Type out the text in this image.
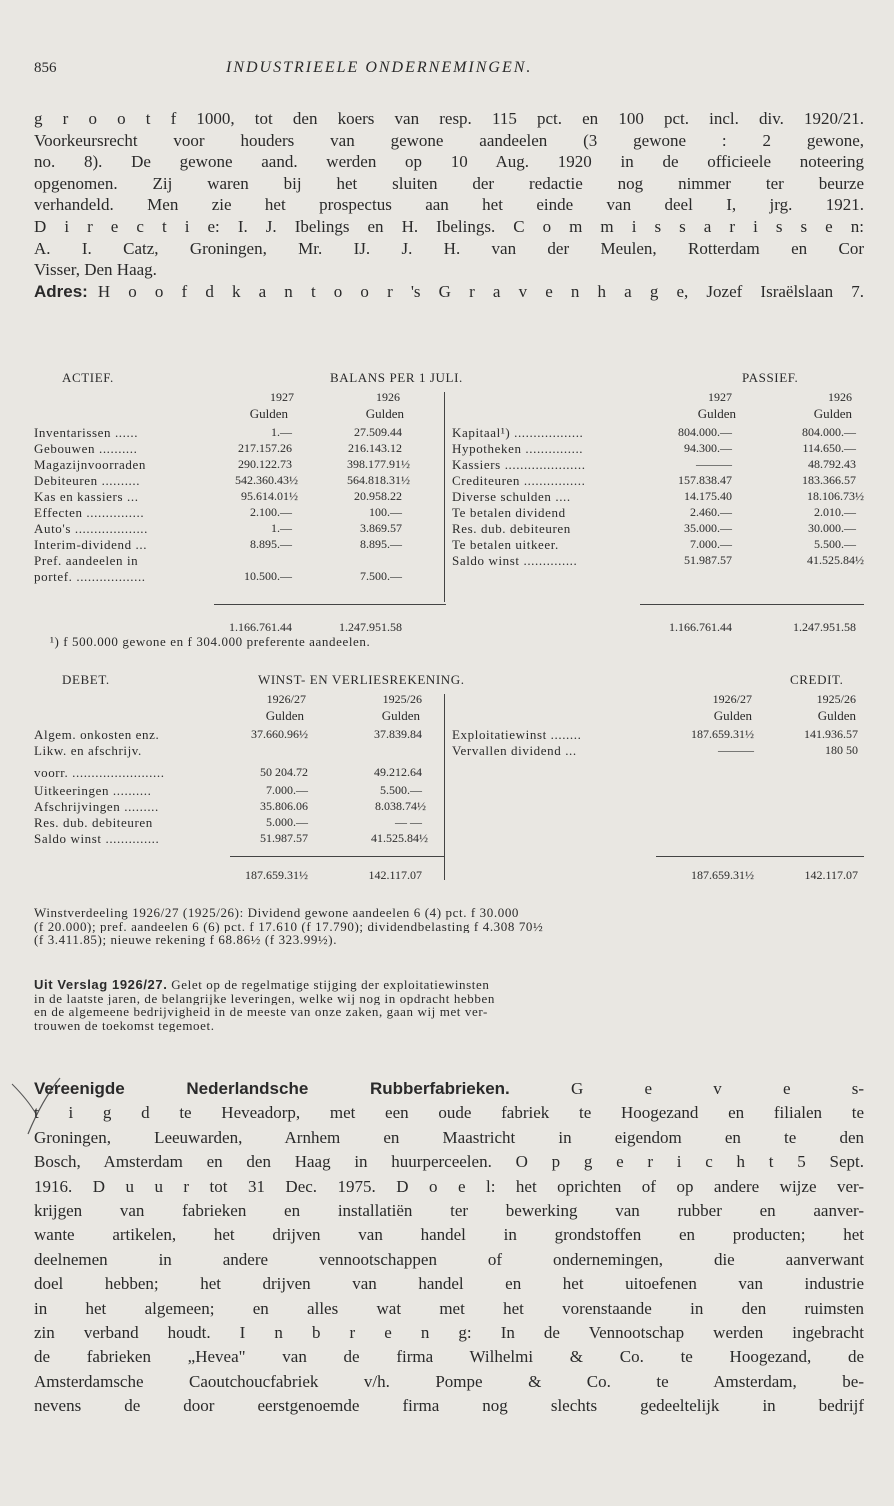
856	INDUSTRIEELE ONDERNEMINGEN.
g r o o t f 1000, tot den koers van resp. 115 pct. en 100 pct. incl. div. 1920/21.
Voorkeursrecht voor houders van gewone aandeelen (3 gewone : 2 gewone,
no. 8). De gewone aand. werden op 10 Aug. 1920 in de officieele noteering
opgenomen. Zij waren bij het sluiten der redactie nog nimmer ter beurze
verhandeld. Men zie het prospectus aan het einde van deel I, jrg. 1921.
D i r e c t i e: I. J. Ibelings en H. Ibelings. C o m m i s s a r i s s e n:
A. I. Catz, Groningen, Mr. IJ. J. H. van der Meulen, Rotterdam en Cor
Visser, Den Haag.
Adres: H o o f d k a n t o o r 's G r a v e n h a g e, Jozef Israëlslaan 7.
ACTIEF.	BALANS PER 1 JULI.	PASSIEF.
1927	1926
Gulden	Gulden
1927	1926
Gulden	Gulden
Inventarissen ......	1.—	27.509.44
Gebouwen ..........	217.157.26	216.143.12
Magazijnvoorraden	290.122.73	398.177.91½
Debiteuren ..........	542.360.43½	564.818.31½
Kas en kassiers ...	95.614.01½	20.958.22
Effecten ...............	2.100.—	100.—
Auto's ...................	1.—	3.869.57
Interim-dividend ...	8.895.—	8.895.—
Pref. aandeelen in
portef. ..................	10.500.—	7.500.—
Kapitaal¹) ..................	804.000.—	804.000.—
Hypotheken ...............	94.300.—	114.650.—
Kassiers .....................	———	48.792.43
Crediteuren ................	157.838.47	183.366.57
Diverse schulden ....	14.175.40	18.106.73½
Te betalen dividend	2.460.—	2.010.—
Res. dub. debiteuren	35.000.—	30.000.—
Te betalen uitkeer.	7.000.—	5.500.—
Saldo winst ..............	51.987.57	41.525.84½
1.166.761.44	1.247.951.58	1.166.761.44	1.247.951.58
¹) f 500.000 gewone en f 304.000 preferente aandeelen.
DEBET.	WINST- EN VERLIESREKENING.	CREDIT.
1926/27	1925/26
Gulden	Gulden
1926/27	1925/26
Gulden	Gulden
Algem. onkosten enz.	37.660.96½	37.839.84
Likw. en afschrijv.
voorr. ........................	50 204.72	49.212.64
Uitkeeringen ..........	7.000.—	5.500.—
Afschrijvingen .........	35.806.06	8.038.74½
Res. dub. debiteuren	5.000.—	— —
Saldo winst ..............	51.987.57	41.525.84½
Exploitatiewinst ........	187.659.31½	141.936.57
Vervallen dividend ...	———	180 50
187.659.31½	142.117.07	187.659.31½	142.117.07
Winstverdeeling 1926/27 (1925/26): Dividend gewone aandeelen 6 (4) pct. f 30.000
(f 20.000); pref. aandeelen 6 (6) pct. f 17.610 (f 17.790); dividendbelasting f 4.308 70½
(f 3.411.85); nieuwe rekening f 68.86½ (f 323.99½).
Uit Verslag 1926/27. Gelet op de regelmatige stijging der exploitatiewinsten
in de laatste jaren, de belangrijke leveringen, welke wij nog in opdracht hebben
en de algemeene bedrijvigheid in de meeste van onze zaken, gaan wij met ver-
trouwen de toekomst tegemoet.
Vereenigde Nederlandsche Rubberfabrieken.	G e v e s-
t i g d te Heveadorp, met een oude fabriek te Hoogezand en filialen te
Groningen, Leeuwarden, Arnhem en Maastricht in eigendom en te den
Bosch, Amsterdam en den Haag in huurperceelen. O p g e r i c h t 5 Sept.
1916. D u u r tot 31 Dec. 1975. D o e l: het oprichten of op andere wijze ver-
krijgen van fabrieken en installatiën ter bewerking van rubber en aanver-
wante artikelen, het drijven van handel in grondstoffen en producten; het
deelnemen in andere vennootschappen of ondernemingen, die aanverwant
doel hebben; het drijven van handel en het uitoefenen van industrie
in het algemeen; en alles wat met het vorenstaande in den ruimsten
zin verband houdt. I n b r e n g: In de Vennootschap werden ingebracht
de fabrieken „Hevea" van de firma Wilhelmi & Co. te Hoogezand, de
Amsterdamsche Caoutchoucfabriek v/h. Pompe & Co. te Amsterdam, be-
nevens de door eerstgenoemde firma nog slechts gedeeltelijk in bedrijf
